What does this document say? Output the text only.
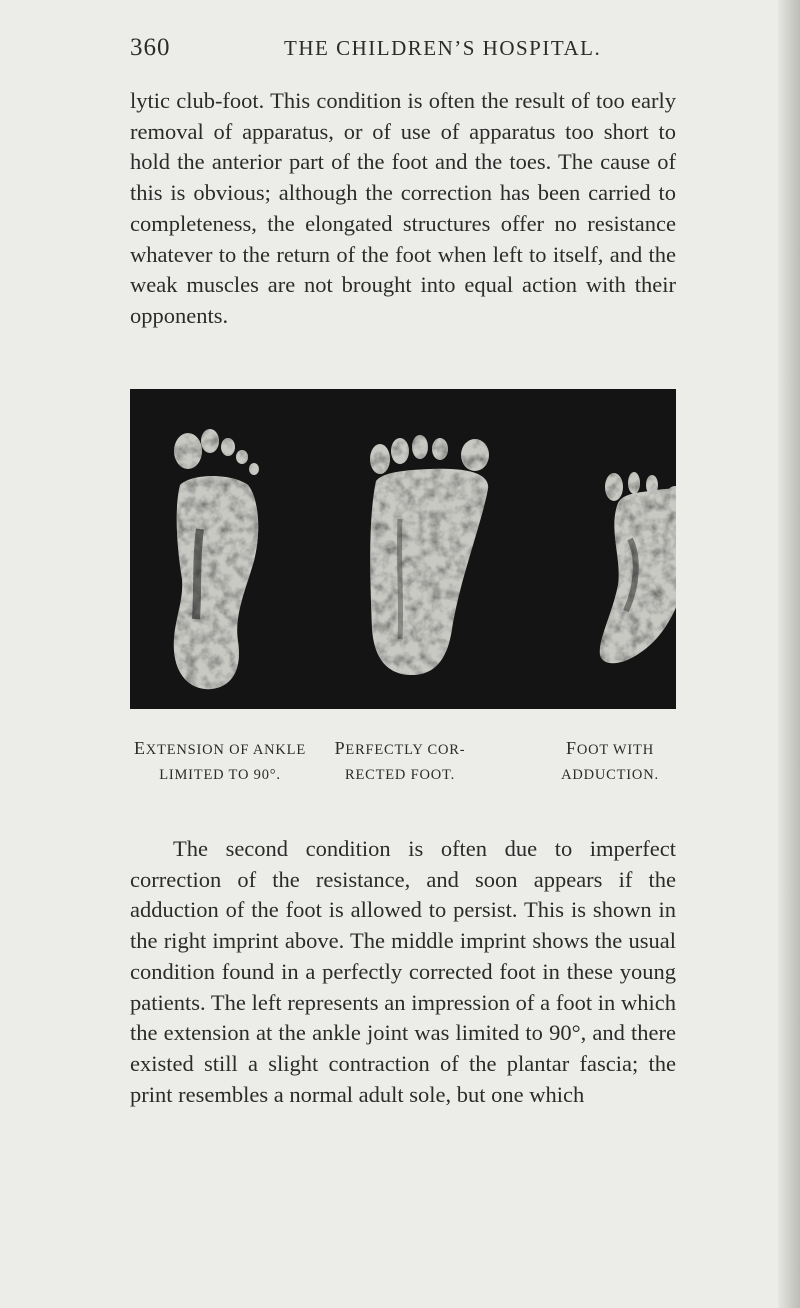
360	THE CHILDREN’S HOSPITAL.

lytic club-foot. This condition is often the result of too early removal of apparatus, or of use of apparatus too short to hold the anterior part of the foot and the toes. The cause of this is obvious; although the correction has been carried to completeness, the elongated structures offer no resistance whatever to the return of the foot when left to itself, and the weak muscles are not brought into equal action with their opponents.

EXTENSION OF ANKLE
LIMITED TO 90°.
PERFECTLY COR-
RECTED FOOT.
FOOT WITH
ADDUCTION.

The second condition is often due to imperfect correction of the resistance, and soon appears if the adduction of the foot is allowed to persist. This is shown in the right imprint above. The middle imprint shows the usual condition found in a perfectly corrected foot in these young patients. The left represents an impression of a foot in which the extension at the ankle joint was limited to 90°, and there existed still a slight contraction of the plantar fascia; the print resembles a normal adult sole, but one which
